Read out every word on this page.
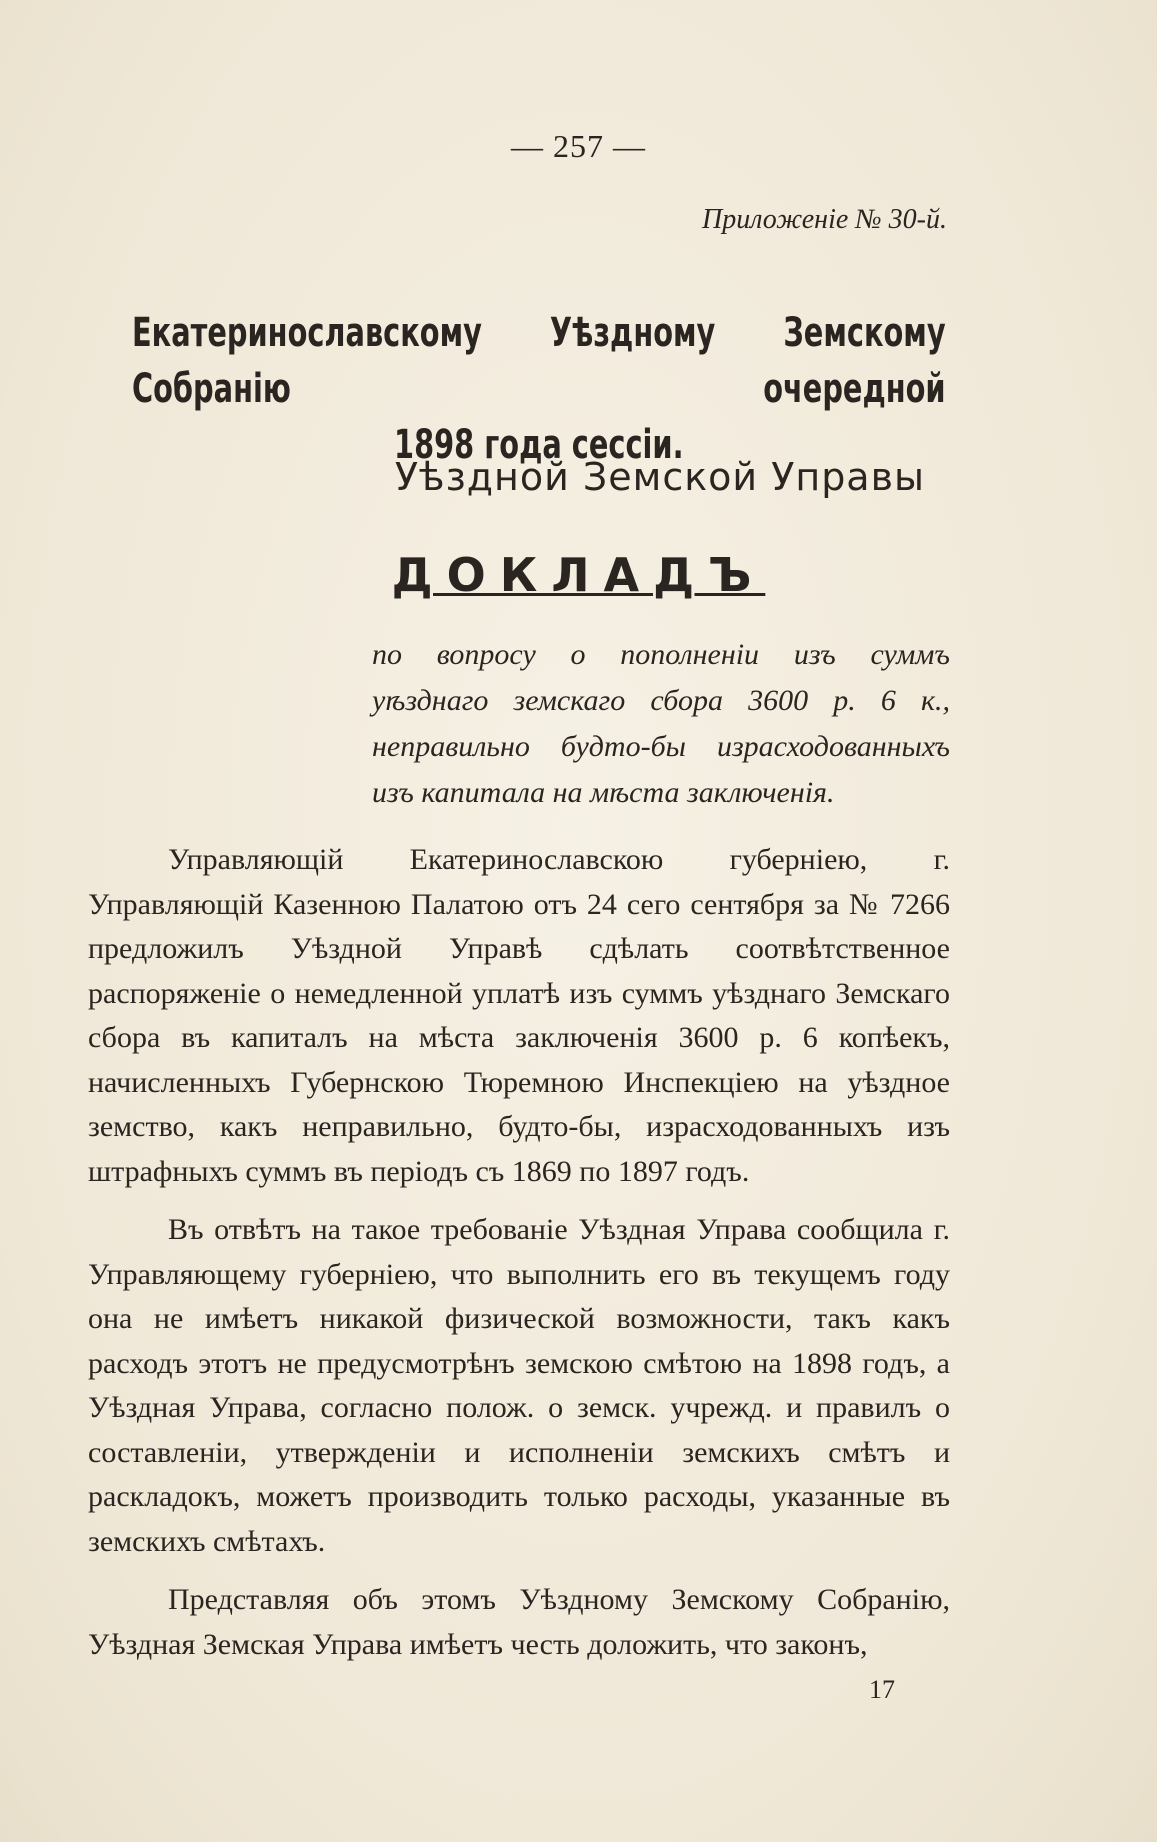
— 257 —
Приложеніе № 30-й.
Екатеринославскому Уѣздному Земскому Собранію очередной
1898 года сессіи.
Уѣздной Земской Управы
ДОКЛАДЪ
по вопросу о пополненіи изъ суммъ
уѣзднаго земскаго сбора 3600 р. 6 к.,
неправильно будто-бы израсходованныхъ
изъ капитала на мѣста заключенія.

Управляющій Екатеринославскою губерніею, г. Управляющій Казенною Палатою отъ 24 сего сентября за № 7266 предложилъ Уѣздной Управѣ сдѣлать соотвѣтственное распоряженіе о немедленной уплатѣ изъ суммъ уѣзднаго Земскаго сбора въ капиталъ на мѣста заключенія 3600 р. 6 копѣекъ, начисленныхъ Губернскою Тюремною Инспекціею на уѣздное земство, какъ неправильно, будто-бы, израсходованныхъ изъ штрафныхъ суммъ въ періодъ съ 1869 по 1897 годъ.

Въ отвѣтъ на такое требованіе Уѣздная Управа сообщила г. Управляющему губерніею, что выполнить его въ текущемъ году она не имѣетъ никакой физической возможности, такъ какъ расходъ этотъ не предусмотрѣнъ земскою смѣтою на 1898 годъ, а Уѣздная Управа, согласно полож. о земск. учрежд. и правилъ о составленіи, утвержденіи и исполненіи земскихъ смѣтъ и раскладокъ, можетъ производить только расходы, указанные въ земскихъ смѣтахъ.

Представляя объ этомъ Уѣздному Земскому Собранію, Уѣздная Земская Управа имѣетъ честь доложить, что законъ,

17
